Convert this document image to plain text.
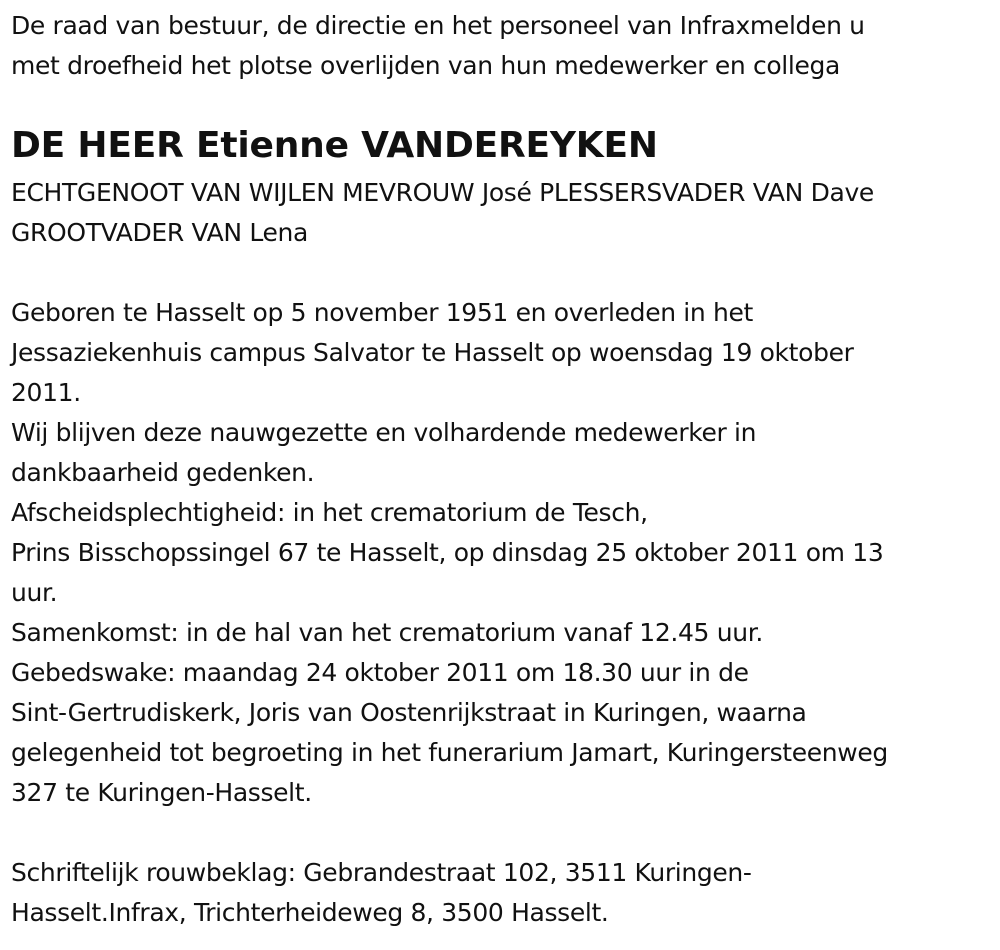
De raad van bestuur, de directie en het personeel van Infraxmelden u
met droefheid het plotse overlijden van hun medewerker en collega
DE HEER Etienne VANDEREYKEN
ECHTGENOOT VAN WIJLEN MEVROUW José PLESSERSVADER VAN Dave
GROOTVADER VAN Lena
Geboren te Hasselt op 5 november 1951 en overleden in het
Jessaziekenhuis campus Salvator te Hasselt op woensdag 19 oktober
2011.
Wij blijven deze nauwgezette en volhardende medewerker in
dankbaarheid gedenken.
Afscheidsplechtigheid: in het crematorium de Tesch,
Prins Bisschopssingel 67 te Hasselt, op dinsdag 25 oktober 2011 om 13
uur.
Samenkomst: in de hal van het crematorium vanaf 12.45 uur.
Gebedswake: maandag 24 oktober 2011 om 18.30 uur in de
Sint-Gertrudiskerk, Joris van Oostenrijkstraat in Kuringen, waarna
gelegenheid tot begroeting in het funerarium Jamart, Kuringersteenweg
327 te Kuringen-Hasselt.
Schriftelijk rouwbeklag: Gebrandestraat 102, 3511 Kuringen-
Hasselt.Infrax, Trichterheideweg 8, 3500 Hasselt.
